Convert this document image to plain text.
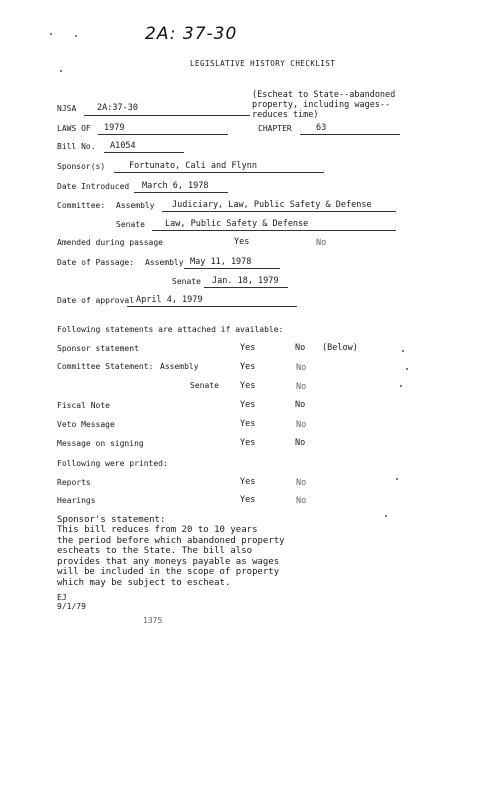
2A: 37-30
LEGISLATIVE HISTORY CHECKLIST
(Escheat to State--abandoned
property, including wages--
reduces time)
NJSA 2A:37-30
LAWS OF 1979	CHAPTER	63
Bill No. A1054
Sponsor(s)	Fortunato, Cali and Flynn
Date Introduced March 6, 1978
Committee: Assembly Judiciary, Law, Public Safety & Defense
Senate Law, Public Safety & Defense
Amended during passage	Yes	No
Date of Passage: Assembly May 11, 1978
Senate Jan. 18, 1979
Date of approval April 4, 1979
Following statements are attached if available:
Sponsor statement	Yes	No (Below)
Committee Statement: Assembly	Yes	No
Senate Yes	No
Fiscal Note	Yes	No
Veto Message	Yes	No
Message on signing	Yes	No
Following were printed:
Reports	Yes	No
Hearings	Yes	No
Sponsor's statement:
This bill reduces from 20 to 10 years
the period before which abandoned property
escheats to the State. The bill also
provides that any moneys payable as wages
will be included in the scope of property
which may be subject to escheat.
EJ
9/1/79
1375
